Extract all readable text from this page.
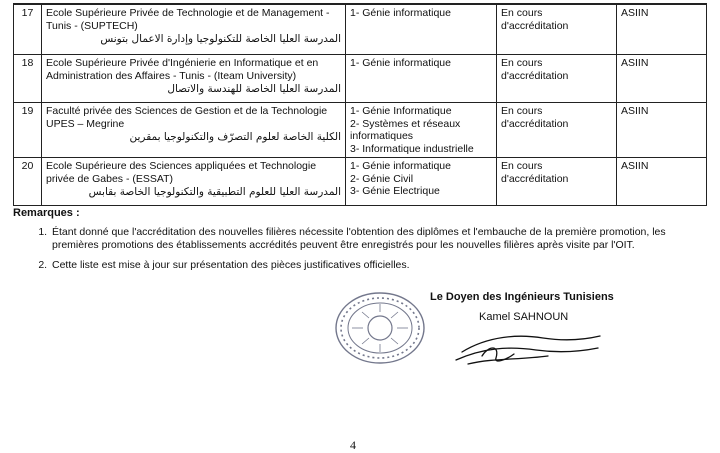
17	Ecole Supérieure Privée de Technologie et de Management - Tunis - (SUPTECH)
المدرسة العليا الخاصة للتكنولوجيا وإدارة الاعمال بتونس	1- Génie informatique	En cours
d'accréditation	ASIIN
18	Ecole Supérieure Privée d'Ingénierie en Informatique et en Administration des Affaires - Tunis - (Iteam University)
المدرسة العليا الخاصة للهندسة والاتصال	1- Génie informatique	En cours
d'accréditation	ASIIN
19	Faculté privée des Sciences de Gestion et de la Technologie UPES – Megrine
الكلية الخاصة لعلوم التصرّف والتكنولوجيا بمقرين	1- Génie Informatique
2- Systèmes et réseaux informatiques
3- Informatique industrielle	En cours
d'accréditation	ASIIN
20	Ecole Supérieure des Sciences appliquées et Technologie privée de Gabes - (ESSAT)
المدرسة العليا للعلوم التطبيقية والتكنولوجيا الخاصة بقابس	1- Génie informatique
2- Génie Civil
3- Génie Electrique	En cours
d'accréditation	ASIIN
Remarques :
1. Étant donné que l'accréditation des nouvelles filières nécessite l'obtention des diplômes et l'embauche de la première promotion, les premières promotions des établissements accrédités peuvent être enregistrés pour les nouvelles filières après visite par l'OIT.
2. Cette liste est mise à jour sur présentation des pièces justificatives officielles.
Le Doyen des Ingénieurs Tunisiens
Kamel SAHNOUN
4
